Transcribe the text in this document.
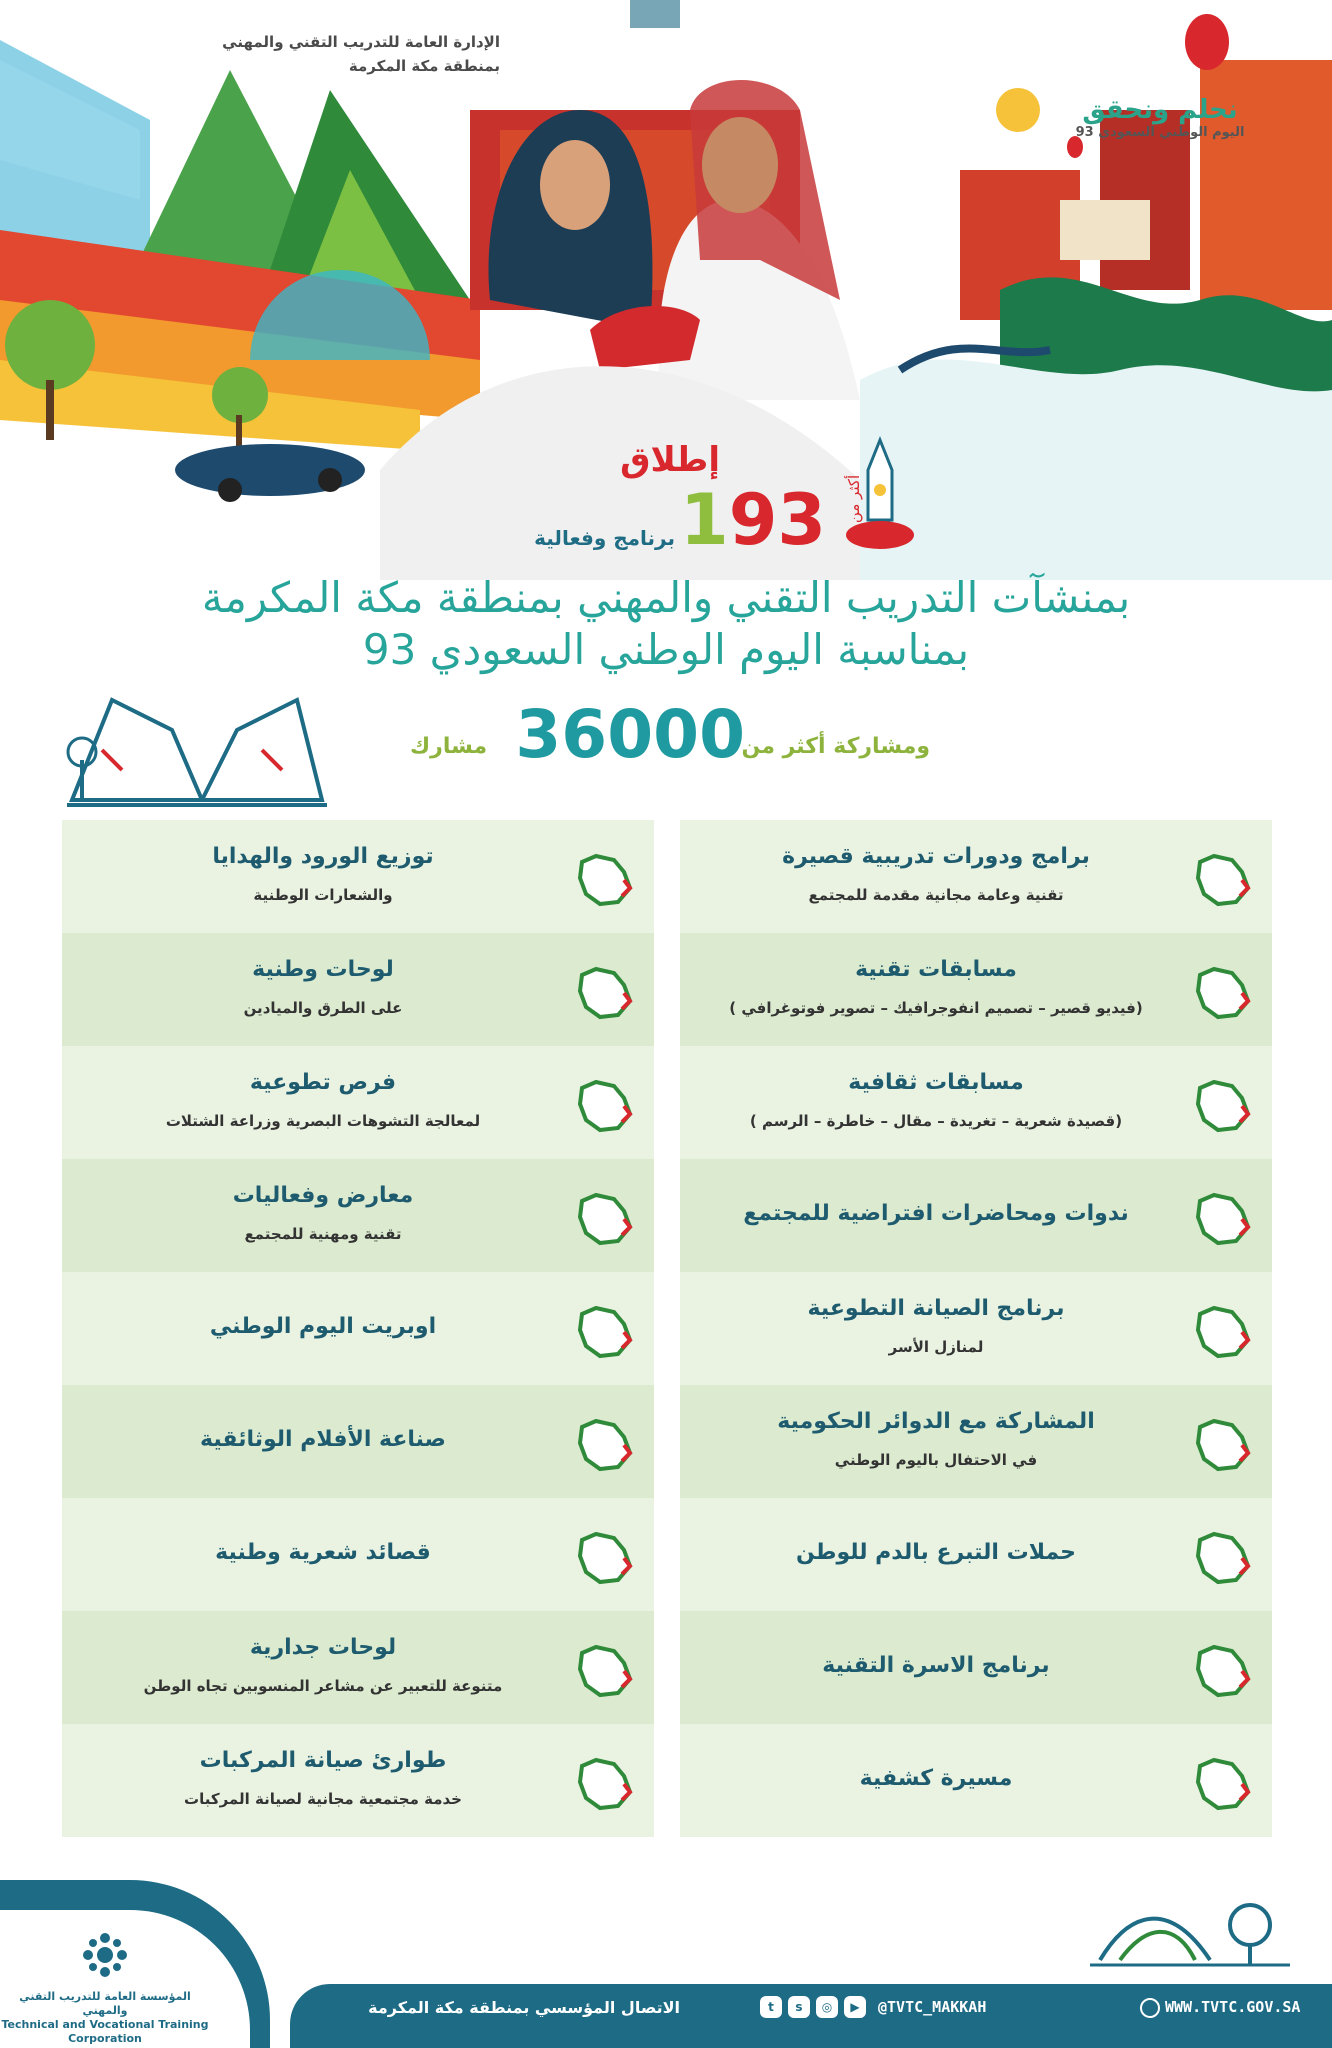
الإدارة العامة للتدريب التقني والمهني
بمنطقة مكة المكرمة
نحلم ونحقق
اليوم الوطني السعودي 93
إطلاق
193 أكثر من
برنامج وفعالية
بمنشآت التدريب التقني والمهني بمنطقة مكة المكرمة
بمناسبة اليوم الوطني السعودي 93
ومشاركة أكثر من
36000
مشارك
برامج ودورات تدريبية قصيرة
تقنية وعامة مجانية مقدمة للمجتمع
مسابقات تقنية
( فيديو قصير – تصميم انفوجرافيك – تصوير فوتوغرافي)
مسابقات ثقافية
( قصيدة شعرية – تغريدة – مقال – خاطرة – الرسم)
ندوات ومحاضرات افتراضية للمجتمع
برنامج الصيانة التطوعية
لمنازل الأسر
المشاركة مع الدوائر الحكومية
في الاحتفال باليوم الوطني
حملات التبرع بالدم للوطن
برنامج الاسرة التقنية
مسيرة كشفية
توزيع الورود والهدايا
والشعارات الوطنية
لوحات وطنية
على الطرق والميادين
فرص تطوعية
لمعالجة التشوهات البصرية وزراعة الشتلات
معارض وفعاليات
تقنية ومهنية للمجتمع
اوبريت اليوم الوطني
صناعة الأفلام الوثائقية
قصائد شعرية وطنية
لوحات جدارية
متنوعة للتعبير عن مشاعر المنسوبين تجاه الوطن
طوارئ صيانة المركبات
خدمة مجتمعية مجانية لصيانة المركبات
المؤسسة العامة للتدريب التقني والمهني
Technical and Vocational Training Corporation
الاتصال المؤسسي بمنطقة مكة المكرمة	t	s	◎	▶	@TVTC_MAKKAH	WWW.TVTC.GOV.SA
